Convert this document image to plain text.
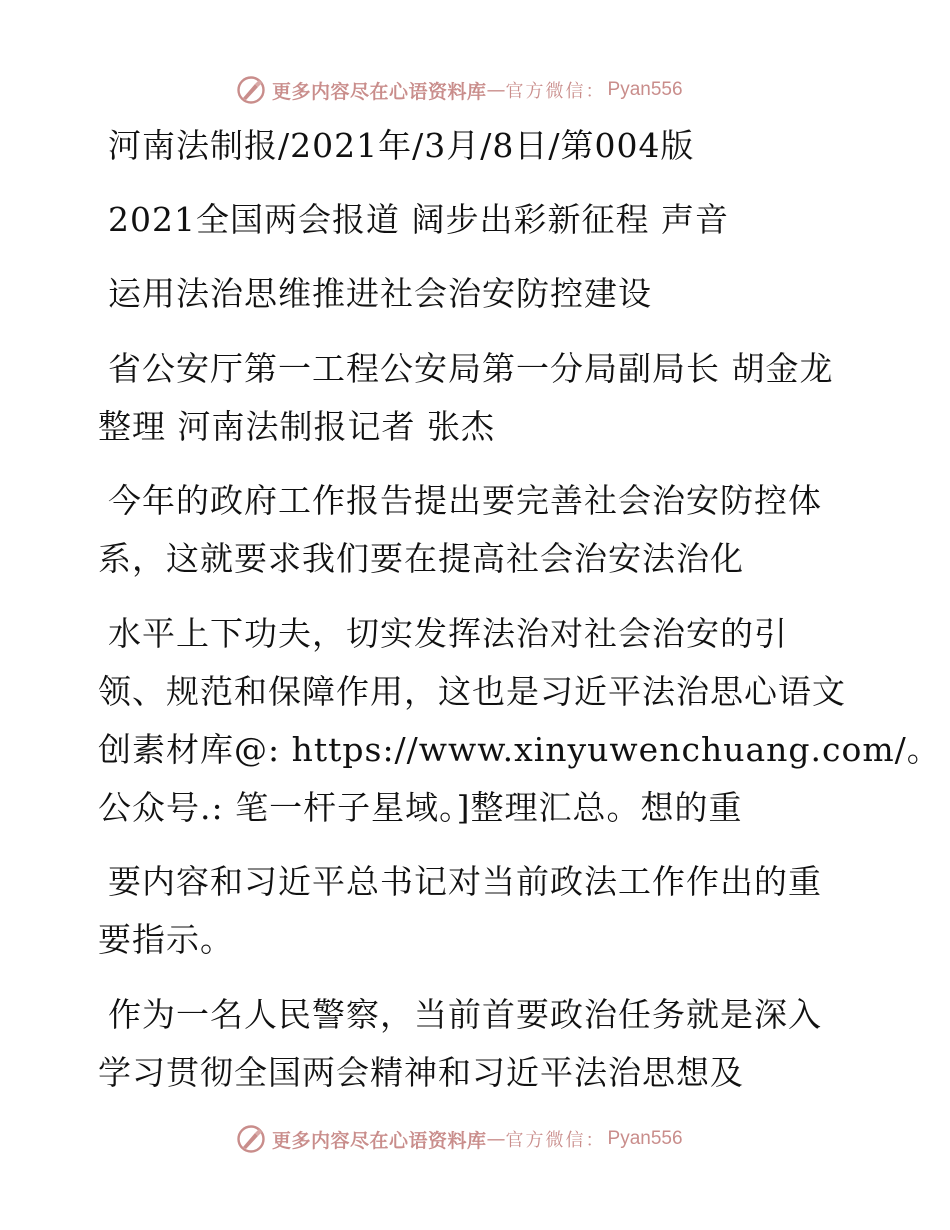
更多内容尽在心语资料库 — 官方微信： Pyan556
河南法制报/2021年/3月/8日/第004版
2021全国两会报道 阔步出彩新征程 声音
运用法治思维推进社会治安防控建设
省公安厅第一工程公安局第一分局副局长 胡金龙
整理 河南法制报记者 张杰
今年的政府工作报告提出要完善社会治安防控体
系，这就要求我们要在提高社会治安法治化
水平上下功夫，切实发挥法治对社会治安的引
领、规范和保障作用，这也是习近平法治思心语文
创素材库@: https://www.xinyuwenchuang.com/。
公众号.: 笔一杆子星域。]整理汇总。想的重
要内容和习近平总书记对当前政法工作作出的重
要指示。
作为一名人民警察，当前首要政治任务就是深入
学习贯彻全国两会精神和习近平法治思想及
更多内容尽在心语资料库 — 官方微信： Pyan556
